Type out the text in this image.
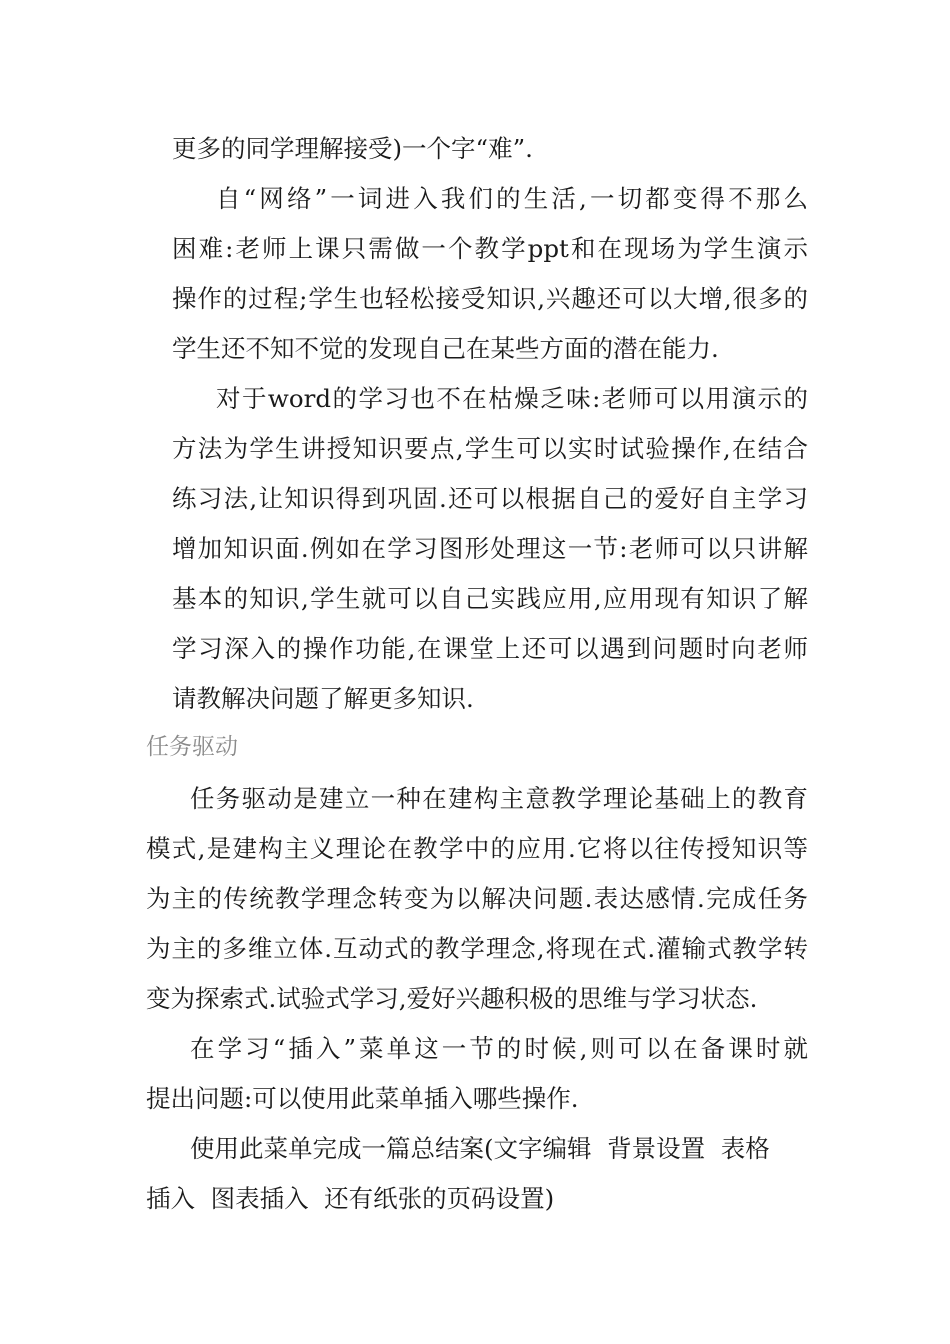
更多的同学理解接受)一个字“难”.
自“网络”一词进入我们的生活,一切都变得不那么
困难:老师上课只需做一个教学ppt和在现场为学生演示
操作的过程;学生也轻松接受知识,兴趣还可以大增,很多的
学生还不知不觉的发现自己在某些方面的潜在能力.
对于word的学习也不在枯燥乏味:老师可以用演示的
方法为学生讲授知识要点,学生可以实时试验操作,在结合
练习法,让知识得到巩固.还可以根据自己的爱好自主学习
增加知识面.例如在学习图形处理这一节:老师可以只讲解
基本的知识,学生就可以自己实践应用,应用现有知识了解
学习深入的操作功能,在课堂上还可以遇到问题时向老师
请教解决问题了解更多知识.
任务驱动
任务驱动是建立一种在建构主意教学理论基础上的教育
模式,是建构主义理论在教学中的应用.它将以往传授知识等
为主的传统教学理念转变为以解决问题.表达感情.完成任务
为主的多维立体.互动式的教学理念,将现在式.灌输式教学转
变为探索式.试验式学习,爱好兴趣积极的思维与学习状态.
在学习“插入”菜单这一节的时候,则可以在备课时就
提出问题:可以使用此菜单插入哪些操作.
使用此菜单完成一篇总结案(文字编辑  背景设置  表格
插入  图表插入  还有纸张的页码设置)
